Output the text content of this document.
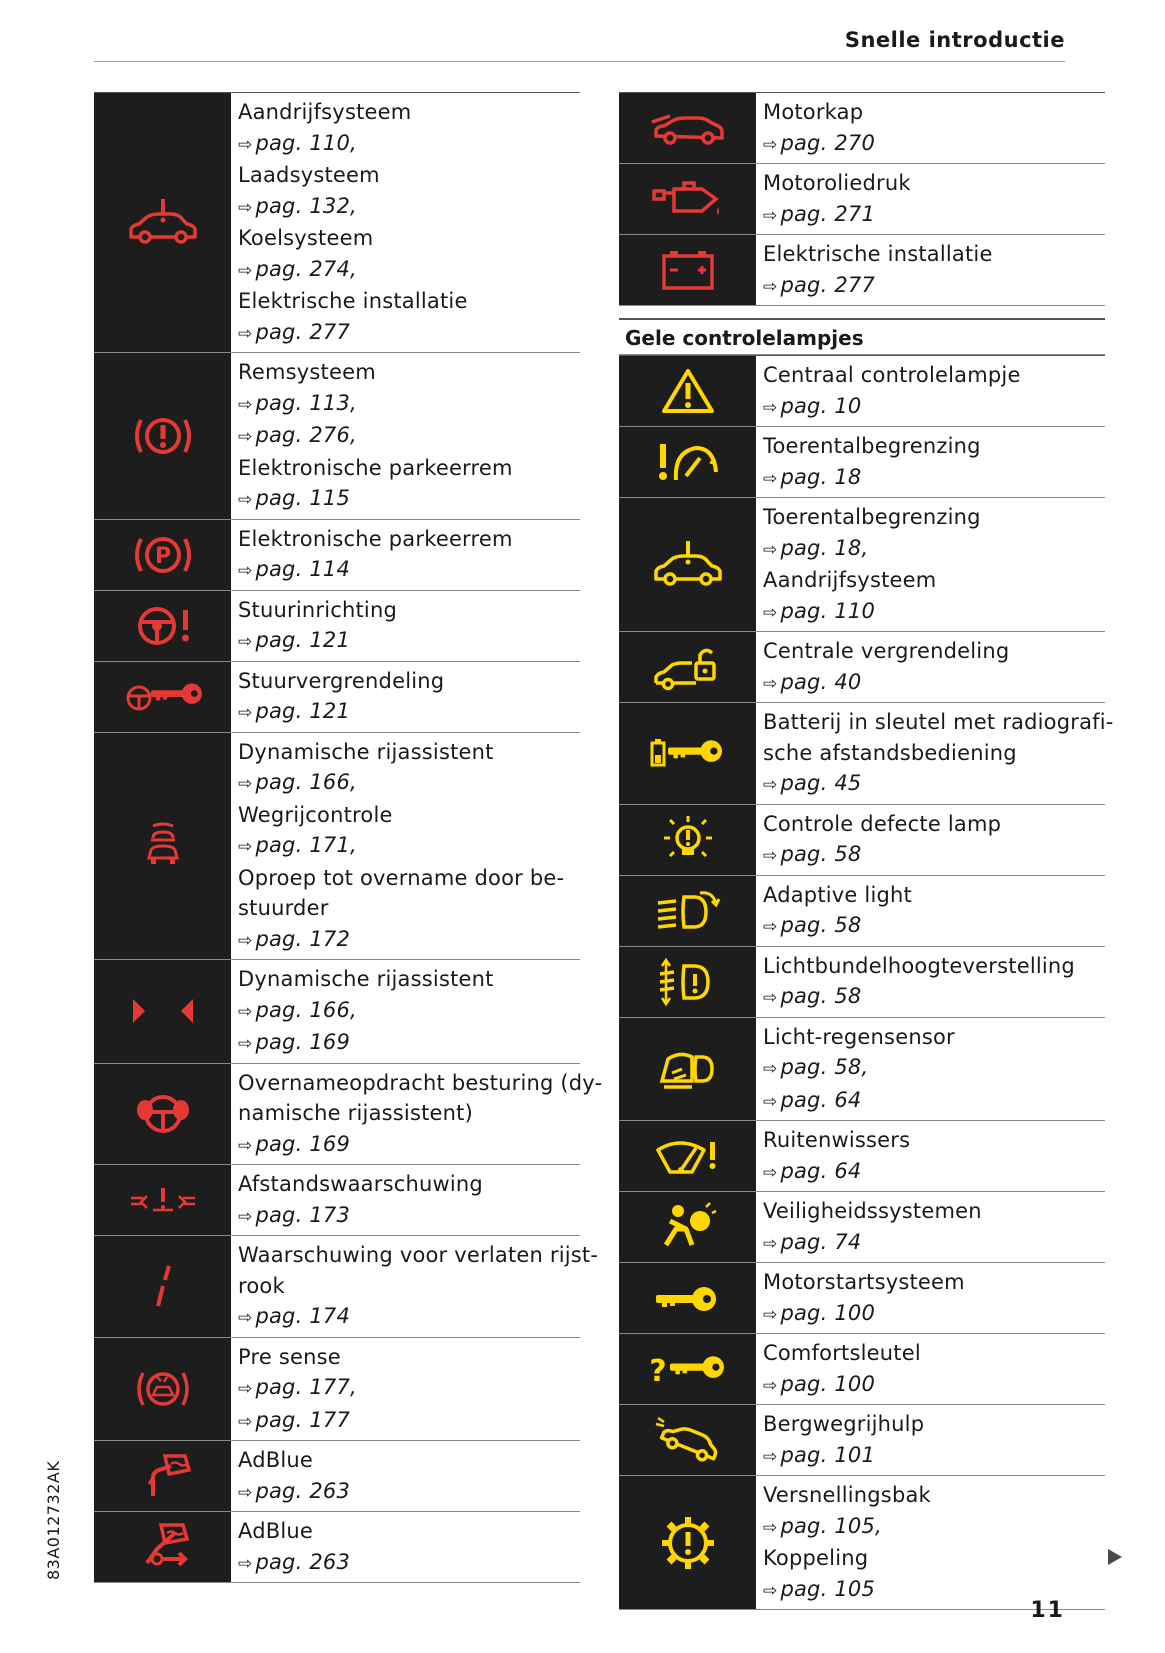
Snelle introductie
Aandrijfsysteem
⇨ pag. 110,
Laadsysteem
⇨ pag. 132,
Koelsysteem
⇨ pag. 274,
Elektrische installatie
⇨ pag. 277
Remsysteem
⇨ pag. 113,
⇨ pag. 276,
Elektronische parkeerrem
⇨ pag. 115
P
Elektronische parkeerrem
⇨ pag. 114
Stuurinrichting
⇨ pag. 121
Stuurvergrendeling
⇨ pag. 121
Dynamische rijassistent
⇨ pag. 166,
Wegrijcontrole
⇨ pag. 171,
Oproep tot overname door be-
stuurder
⇨ pag. 172
Dynamische rijassistent
⇨ pag. 166,
⇨ pag. 169
Overnameopdracht besturing (dy-
namische rijassistent)
⇨ pag. 169
Afstandswaarschuwing
⇨ pag. 173
Waarschuwing voor verlaten rijst-
rook
⇨ pag. 174
Pre sense
⇨ pag. 177,
⇨ pag. 177
AdBlue
⇨ pag. 263
AdBlue
⇨ pag. 263
Motorkap
⇨ pag. 270
Motoroliedruk
⇨ pag. 271
Elektrische installatie
⇨ pag. 277
Gele controlelampjes
Centraal controlelampje
⇨ pag. 10
Toerentalbegrenzing
⇨ pag. 18
Toerentalbegrenzing
⇨ pag. 18,
Aandrijfsysteem
⇨ pag. 110
Centrale vergrendeling
⇨ pag. 40
Batterij in sleutel met radiografi-
sche afstandsbediening
⇨ pag. 45
Controle defecte lamp
⇨ pag. 58
Adaptive light
⇨ pag. 58
Lichtbundelhoogteverstelling
⇨ pag. 58
Licht-regensensor
⇨ pag. 58,
⇨ pag. 64
Ruitenwissers
⇨ pag. 64
Veiligheidssystemen
⇨ pag. 74
Motorstartsysteem
⇨ pag. 100
?
Comfortsleutel
⇨ pag. 100
Bergwegrijhulp
⇨ pag. 101
Versnellingsbak
⇨ pag. 105,
Koppeling
⇨ pag. 105
83A012732AK
11
